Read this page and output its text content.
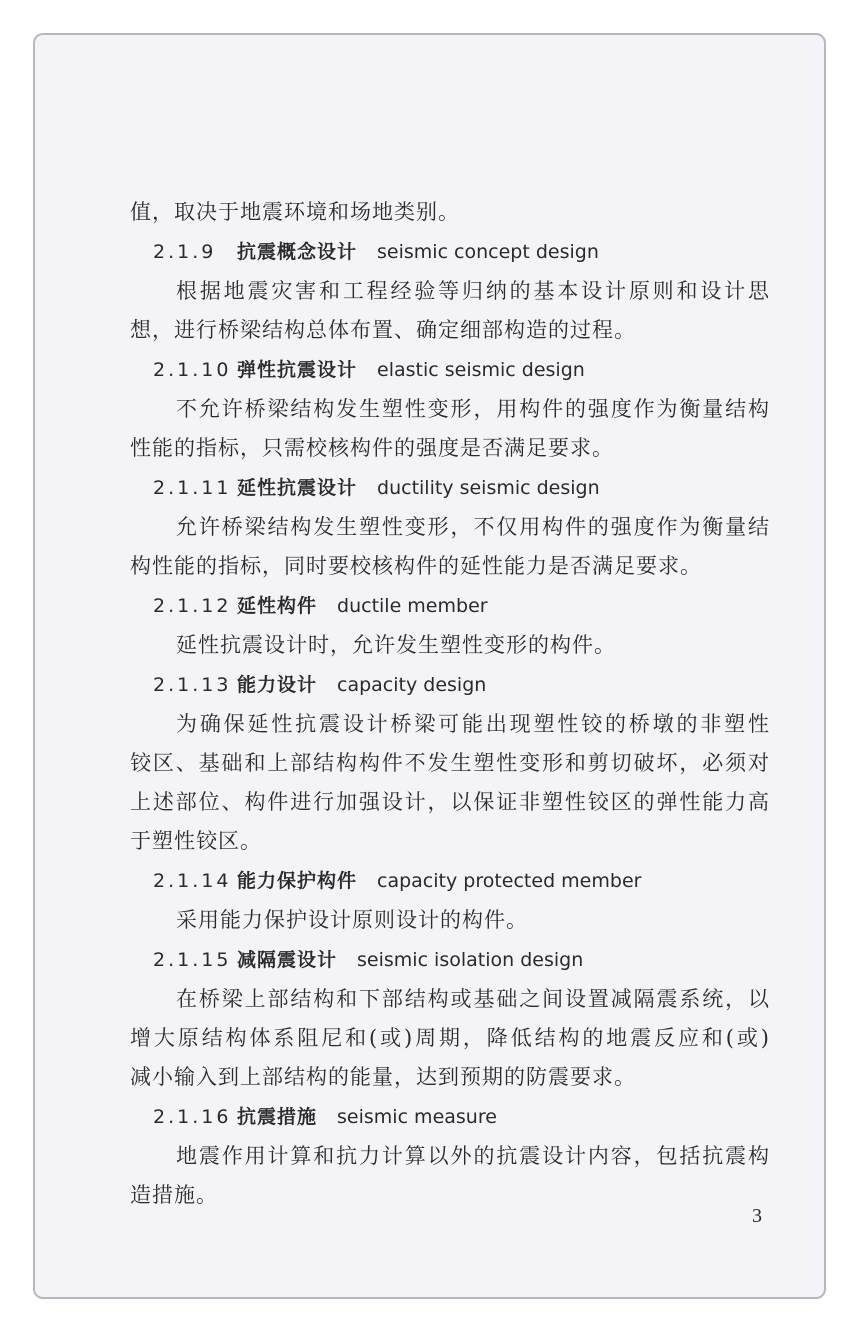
值，取决于地震环境和场地类别。
2.1.9 抗震概念设计 seismic concept design
根据地震灾害和工程经验等归纳的基本设计原则和设计思
想，进行桥梁结构总体布置、确定细部构造的过程。
2.1.10 弹性抗震设计 elastic seismic design
不允许桥梁结构发生塑性变形，用构件的强度作为衡量结构
性能的指标，只需校核构件的强度是否满足要求。
2.1.11 延性抗震设计 ductility seismic design
允许桥梁结构发生塑性变形，不仅用构件的强度作为衡量结
构性能的指标，同时要校核构件的延性能力是否满足要求。
2.1.12 延性构件 ductile member
延性抗震设计时，允许发生塑性变形的构件。
2.1.13 能力设计 capacity design
为确保延性抗震设计桥梁可能出现塑性铰的桥墩的非塑性
铰区、基础和上部结构构件不发生塑性变形和剪切破坏，必须对
上述部位、构件进行加强设计，以保证非塑性铰区的弹性能力高
于塑性铰区。
2.1.14 能力保护构件 capacity protected member
采用能力保护设计原则设计的构件。
2.1.15 减隔震设计 seismic isolation design
在桥梁上部结构和下部结构或基础之间设置减隔震系统，以
增大原结构体系阻尼和(或)周期，降低结构的地震反应和(或)
减小输入到上部结构的能量，达到预期的防震要求。
2.1.16 抗震措施 seismic measure
地震作用计算和抗力计算以外的抗震设计内容，包括抗震构
造措施。
3
